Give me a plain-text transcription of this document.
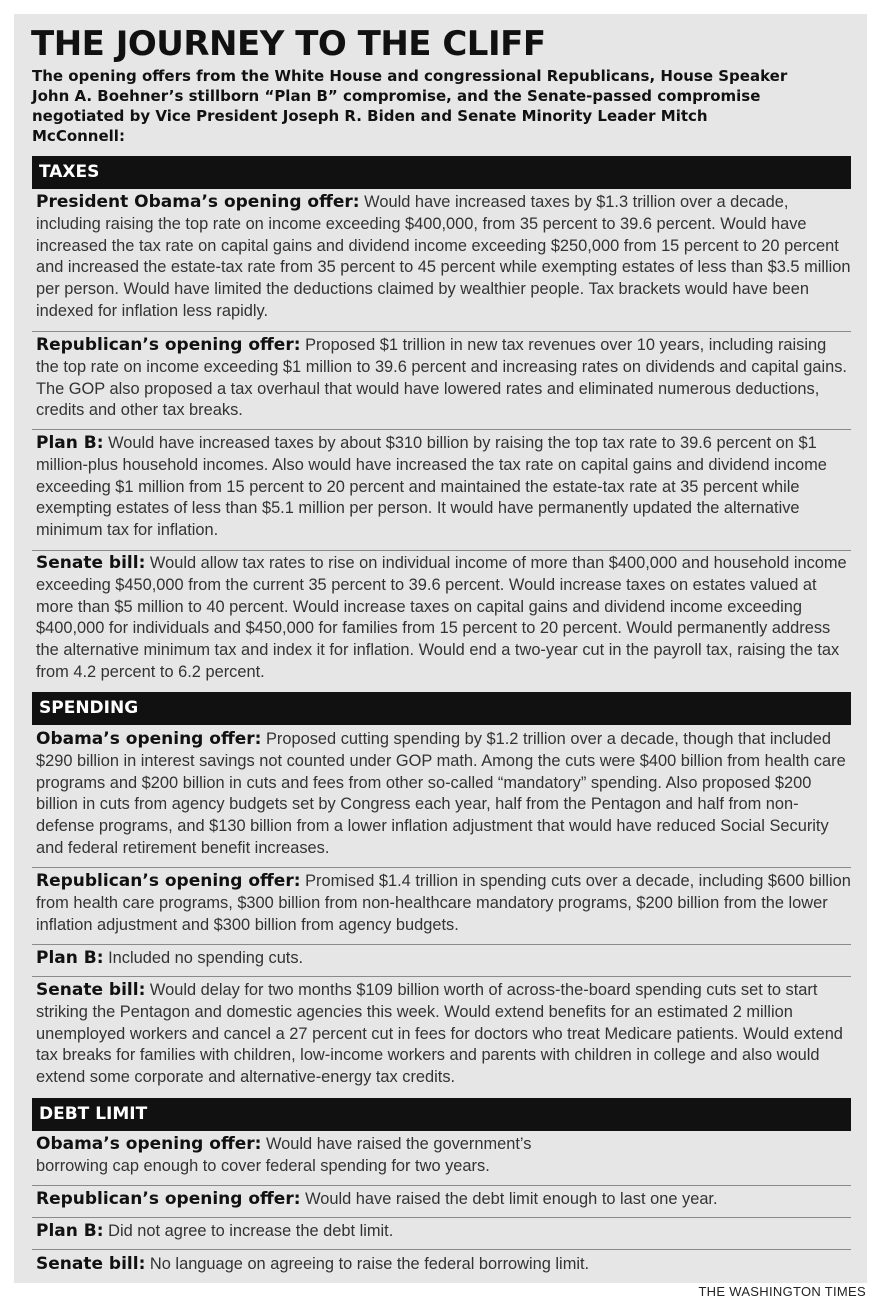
THE JOURNEY TO THE CLIFF

The opening offers from the White House and congressional Republicans, House Speaker John A. Boehner’s stillborn “Plan B” compromise, and the Senate-passed compromise negotiated by Vice President Joseph R. Biden and Senate Minority Leader Mitch McConnell:

TAXES

President Obama’s opening offer: Would have increased taxes by $1.3 trillion over a decade, including raising the top rate on income exceeding $400,000, from 35 percent to 39.6 percent. Would have increased the tax rate on capital gains and dividend income exceeding $250,000 from 15 percent to 20 percent and increased the estate-tax rate from 35 percent to 45 percent while exempting estates of less than $3.5 million per person. Would have limited the deductions claimed by wealthier people. Tax brackets would have been indexed for inflation less rapidly.

Republican’s opening offer: Proposed $1 trillion in new tax revenues over 10 years, including raising the top rate on income exceeding $1 million to 39.6 percent and increasing rates on dividends and capital gains. The GOP also proposed a tax overhaul that would have lowered rates and eliminated numerous deductions, credits and other tax breaks.

Plan B: Would have increased taxes by about $310 billion by raising the top tax rate to 39.6 percent on $1 million-plus household incomes. Also would have increased the tax rate on capital gains and dividend income exceeding $1 million from 15 percent to 20 percent and maintained the estate-tax rate at 35 percent while exempting estates of less than $5.1 million per person. It would have permanently updated the alternative minimum tax for inflation.

Senate bill: Would allow tax rates to rise on individual income of more than $400,000 and household income exceeding $450,000 from the current 35 percent to 39.6 percent. Would increase taxes on estates valued at more than $5 million to 40 percent. Would increase taxes on capital gains and dividend income exceeding $400,000 for individuals and $450,000 for families from 15 percent to 20 percent. Would permanently address the alternative minimum tax and index it for inflation. Would end a two-year cut in the payroll tax, raising the tax from 4.2 percent to 6.2 percent.

SPENDING

Obama’s opening offer: Proposed cutting spending by $1.2 trillion over a decade, though that included $290 billion in interest savings not counted under GOP math. Among the cuts were $400 billion from health care programs and $200 billion in cuts and fees from other so-called “mandatory” spending. Also proposed $200 billion in cuts from agency budgets set by Congress each year, half from the Pentagon and half from non-defense programs, and $130 billion from a lower inflation adjustment that would have reduced Social Security and federal retirement benefit increases.

Republican’s opening offer: Promised $1.4 trillion in spending cuts over a decade, including $600 billion from health care programs, $300 billion from non-healthcare mandatory programs, $200 billion from the lower inflation adjustment and $300 billion from agency budgets.

Plan B: Included no spending cuts.

Senate bill: Would delay for two months $109 billion worth of across-the-board spending cuts set to start striking the Pentagon and domestic agencies this week. Would extend benefits for an estimated 2 million unemployed workers and cancel a 27 percent cut in fees for doctors who treat Medicare patients. Would extend tax breaks for families with children, low-income workers and parents with children in college and also would extend some corporate and alternative-energy tax credits.

DEBT LIMIT

Obama’s opening offer: Would have raised the government’s borrowing cap enough to cover federal spending for two years.

Republican’s opening offer: Would have raised the debt limit enough to last one year.

Plan B: Did not agree to increase the debt limit.

Senate bill: No language on agreeing to raise the federal borrowing limit.

THE WASHINGTON TIMES
